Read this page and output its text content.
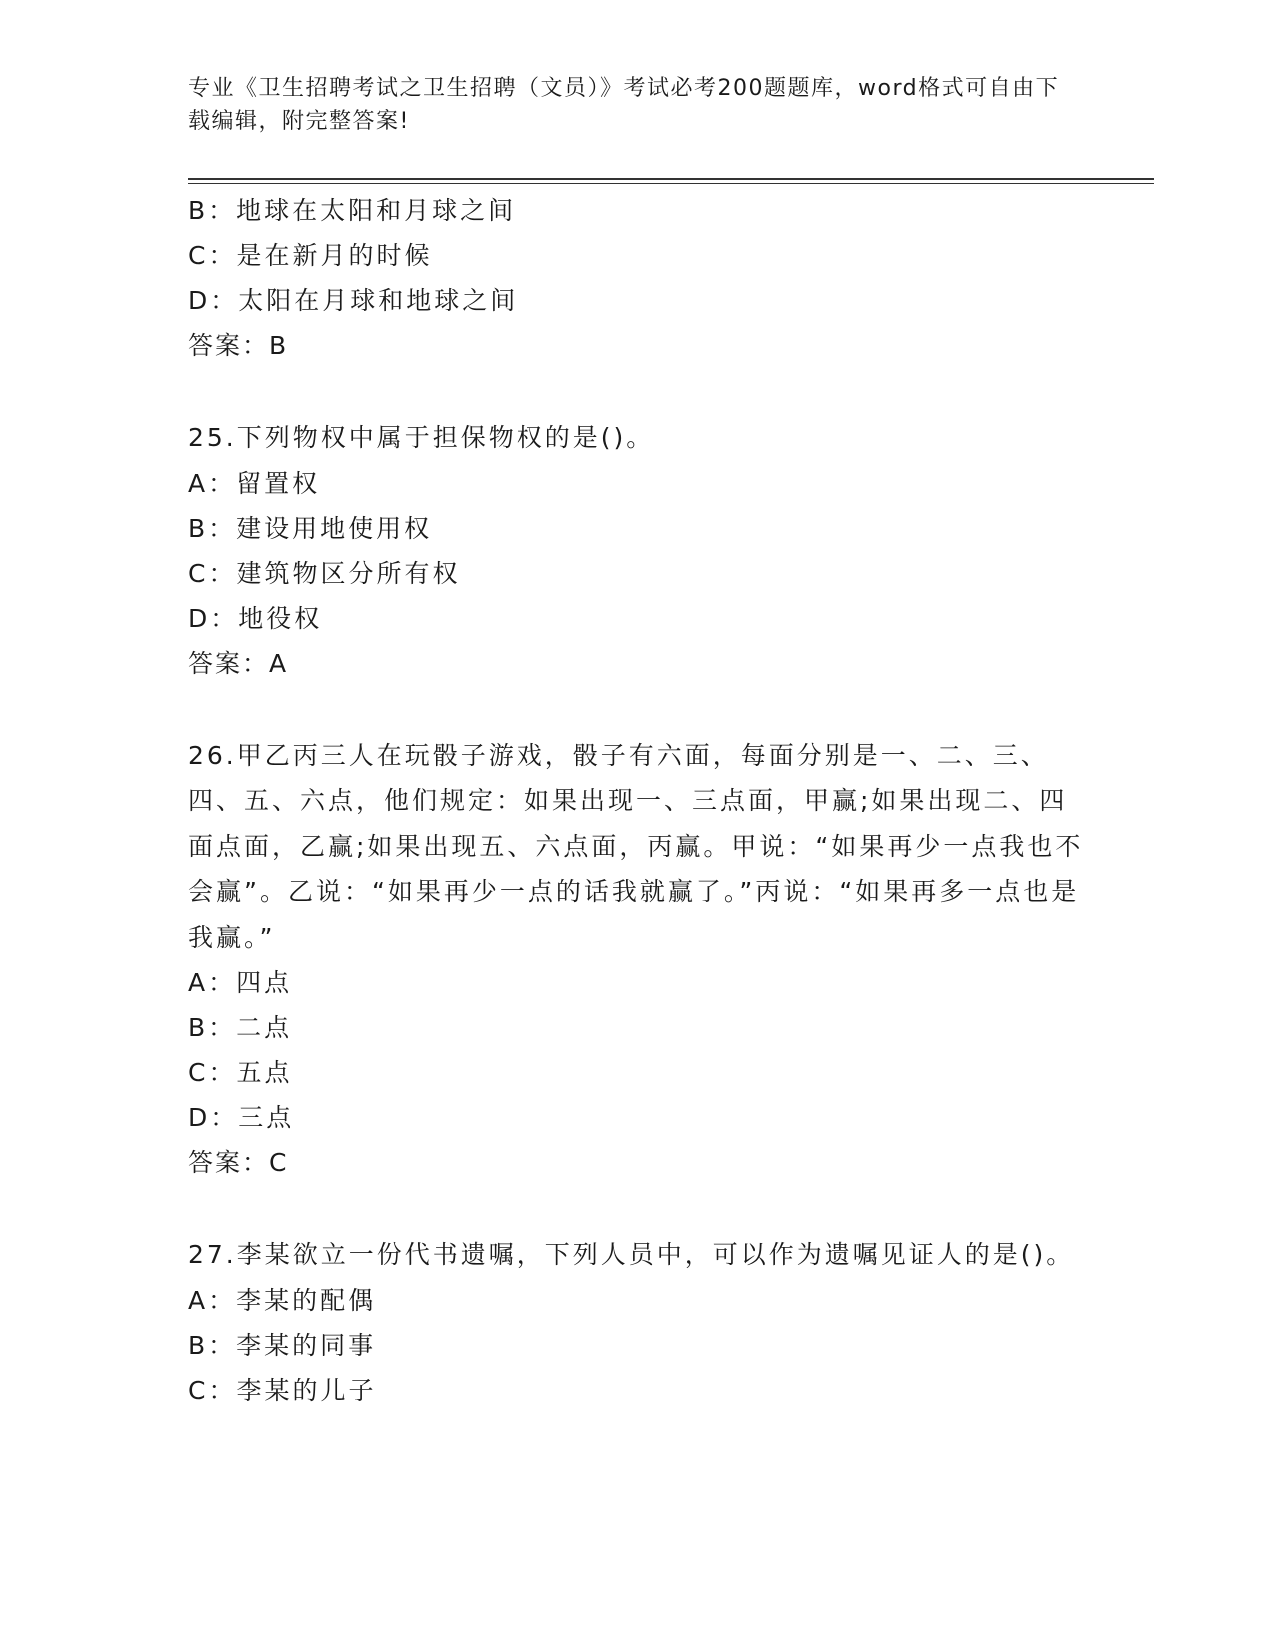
专业《卫生招聘考试之卫生招聘（文员）》考试必考200题题库，word格式可自由下载编辑，附完整答案!
B：地球在太阳和月球之间
C：是在新月的时候
D：太阳在月球和地球之间
答案：B
25.下列物权中属于担保物权的是()。
A：留置权
B：建设用地使用权
C：建筑物区分所有权
D：地役权
答案：A
26.甲乙丙三人在玩骰子游戏，骰子有六面，每面分别是一、二、三、四、五、六点，他们规定：如果出现一、三点面，甲赢;如果出现二、四面点面，乙赢;如果出现五、六点面，丙赢。甲说：“如果再少一点我也不会赢”。乙说：“如果再少一点的话我就赢了。”丙说：“如果再多一点也是我赢。”
A：四点
B：二点
C：五点
D：三点
答案：C
27.李某欲立一份代书遗嘱，下列人员中，可以作为遗嘱见证人的是()。
A：李某的配偶
B：李某的同事
C：李某的儿子
